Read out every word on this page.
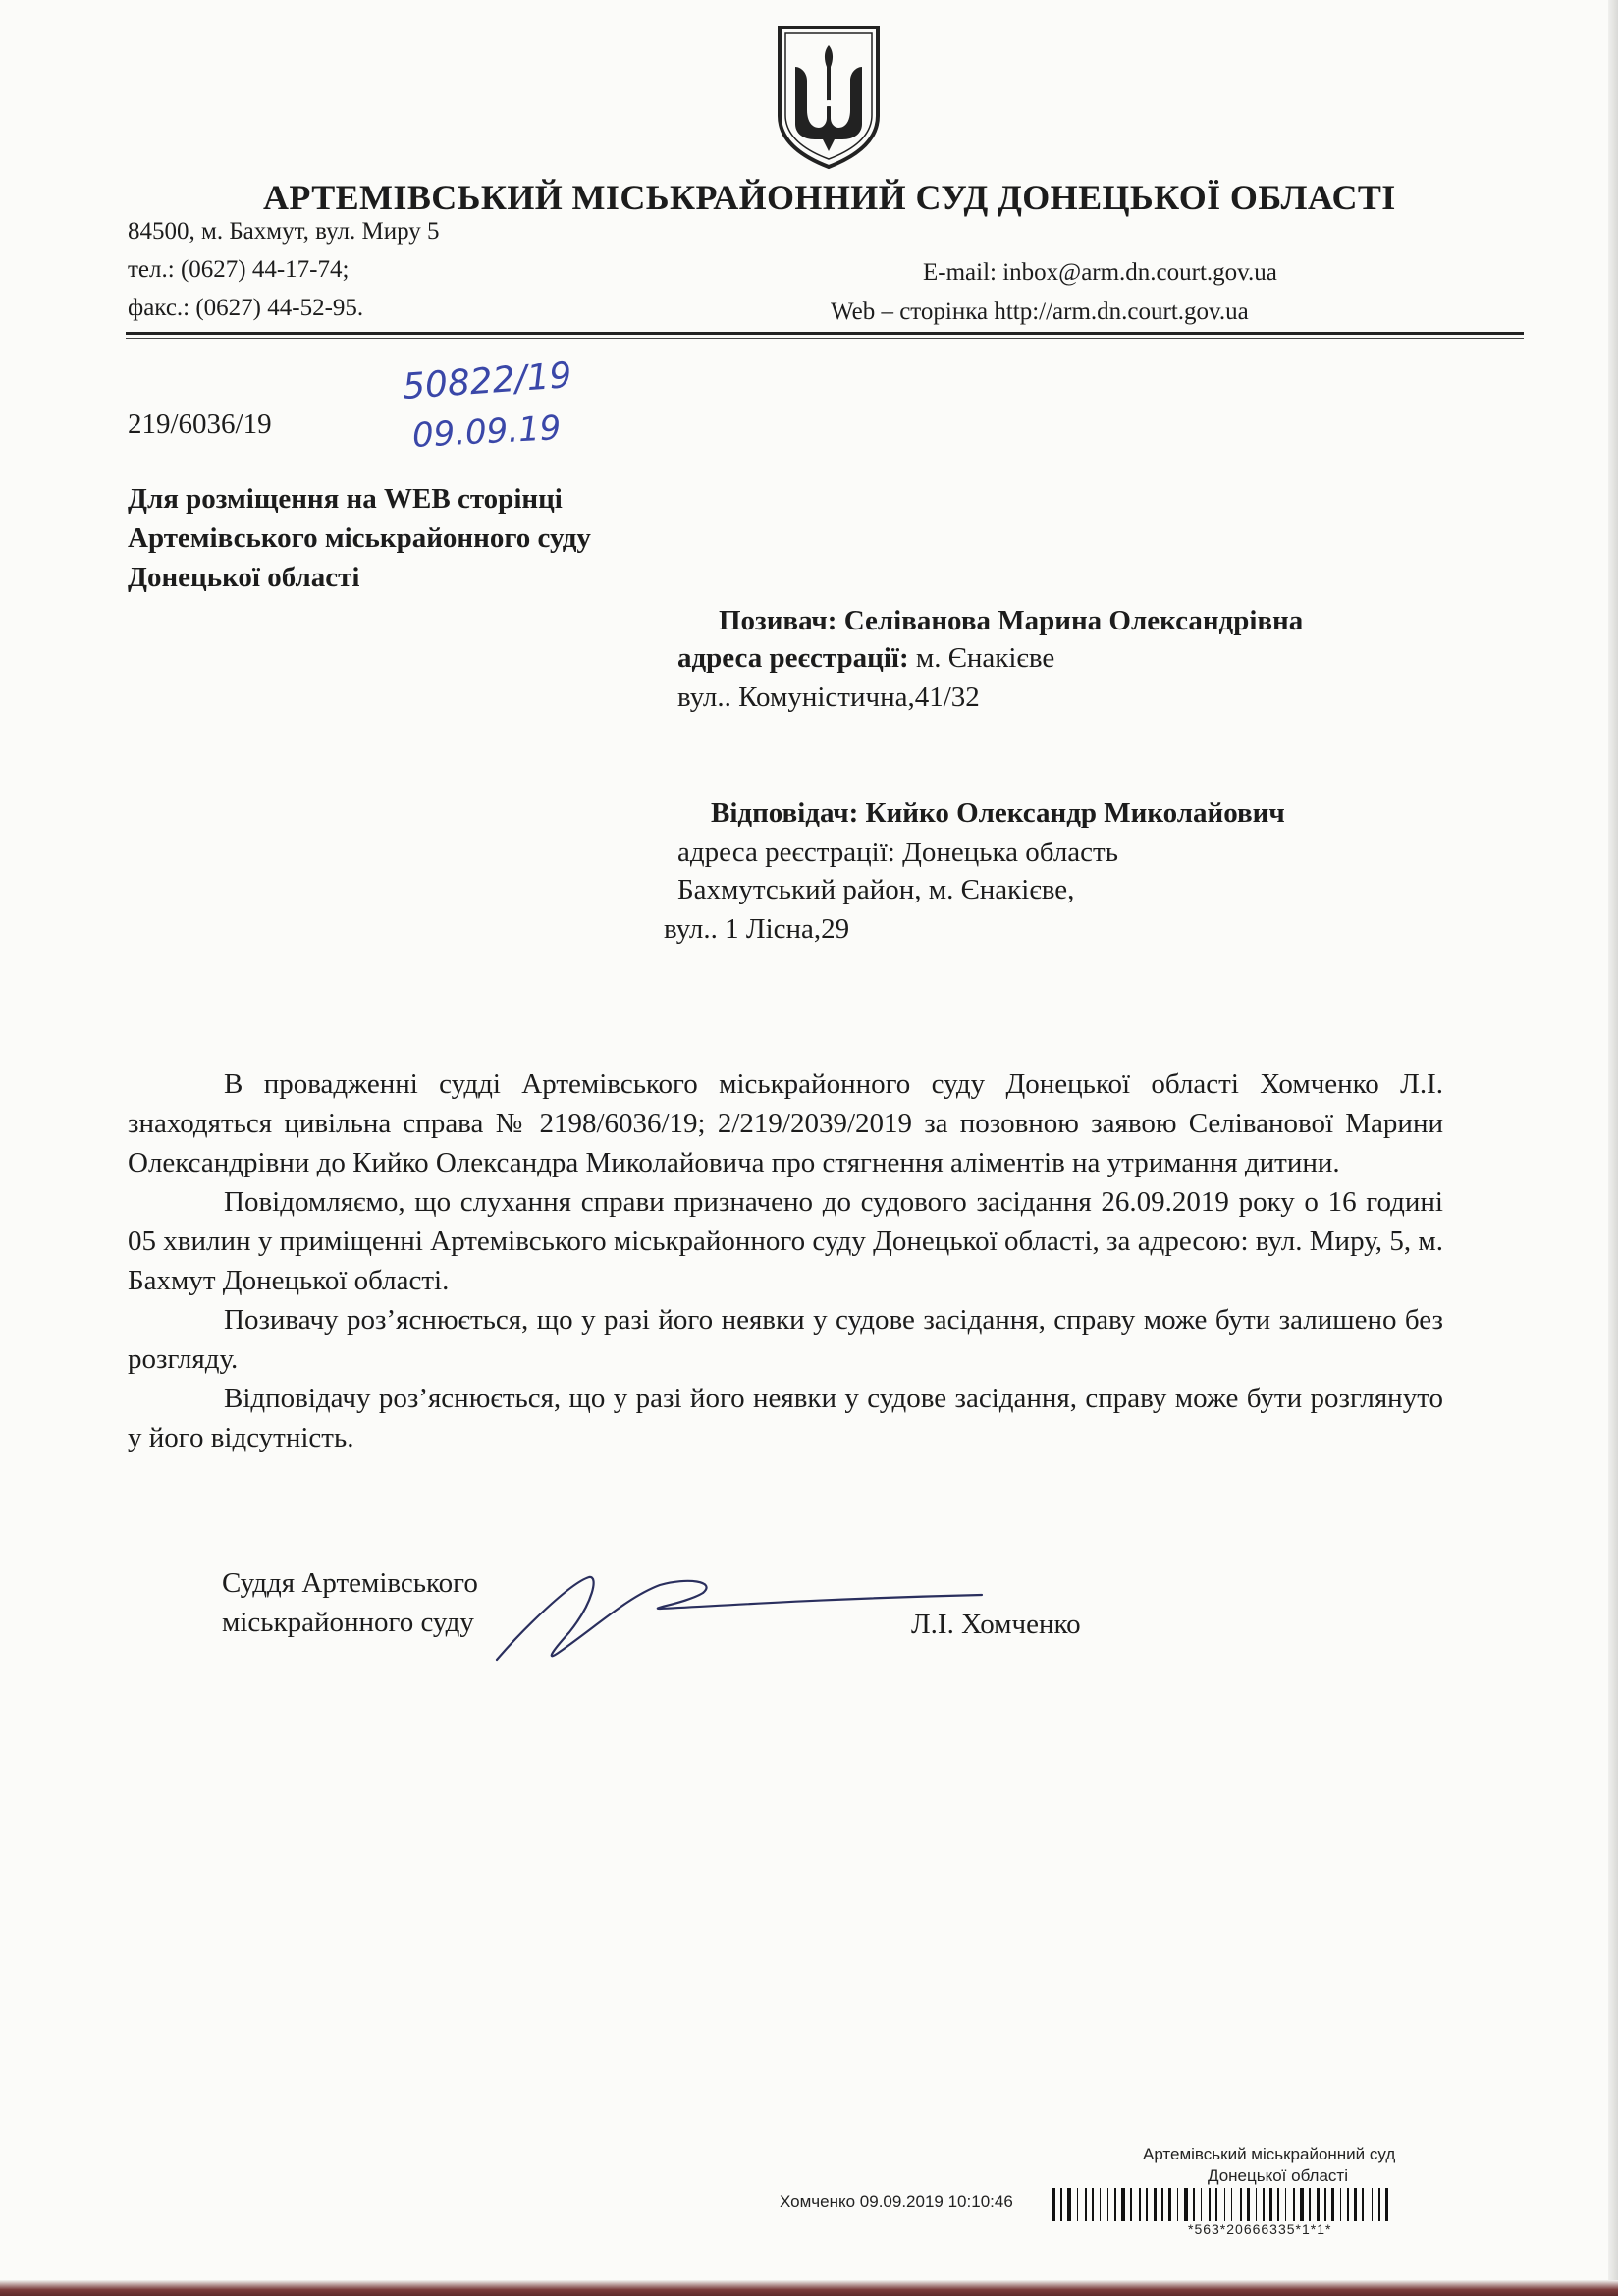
АРТЕМІВСЬКИЙ МІСЬКРАЙОННИЙ СУД ДОНЕЦЬКОЇ ОБЛАСТІ
84500, м. Бахмут, вул. Миру 5
тел.: (0627) 44-17-74;
факс.: (0627) 44-52-95.
E-mail: inbox@arm.dn.court.gov.ua
Web – сторінка http://arm.dn.court.gov.ua
219/6036/19
50822/19
09.09.19
Для розміщення на WEB сторінці
Артемівського міськрайонного суду
Донецької області
Позивач: Селіванова Марина Олександрівна
адреса реєстрації: м. Єнакієве
вул.. Комуністична,41/32
Відповідач: Кийко Олександр Миколайович
адреса реєстрації: Донецька область
Бахмутський район, м. Єнакієве,
вул.. 1 Лісна,29

В провадженні судді Артемівського міськрайонного суду Донецької області Хомченко Л.І. знаходяться цивільна справа № 2198/6036/19; 2/219/2039/2019 за позовною заявою Селіванової Марини Олександрівни до Кийко Олександра Миколайовича про стягнення аліментів на утримання дитини.

Повідомляємо, що слухання справи призначено до судового засідання 26.09.2019 року о 16 годині 05 хвилин у приміщенні Артемівського міськрайонного суду Донецької області, за адресою: вул. Миру, 5, м. Бахмут Донецької області.

Позивачу роз’яснюється, що у разі його неявки у судове засідання, справу може бути залишено без розгляду.

Відповідачу роз’яснюється, що у разі його неявки у судове засідання, справу може бути розглянуто у його відсутність.

Суддя Артемівського
міськрайонного суду	Л.І. Хомченко
Артемівський міськрайонний суд
Донецької області
Хомченко 09.09.2019 10:10:46
*563*20666335*1*1*
